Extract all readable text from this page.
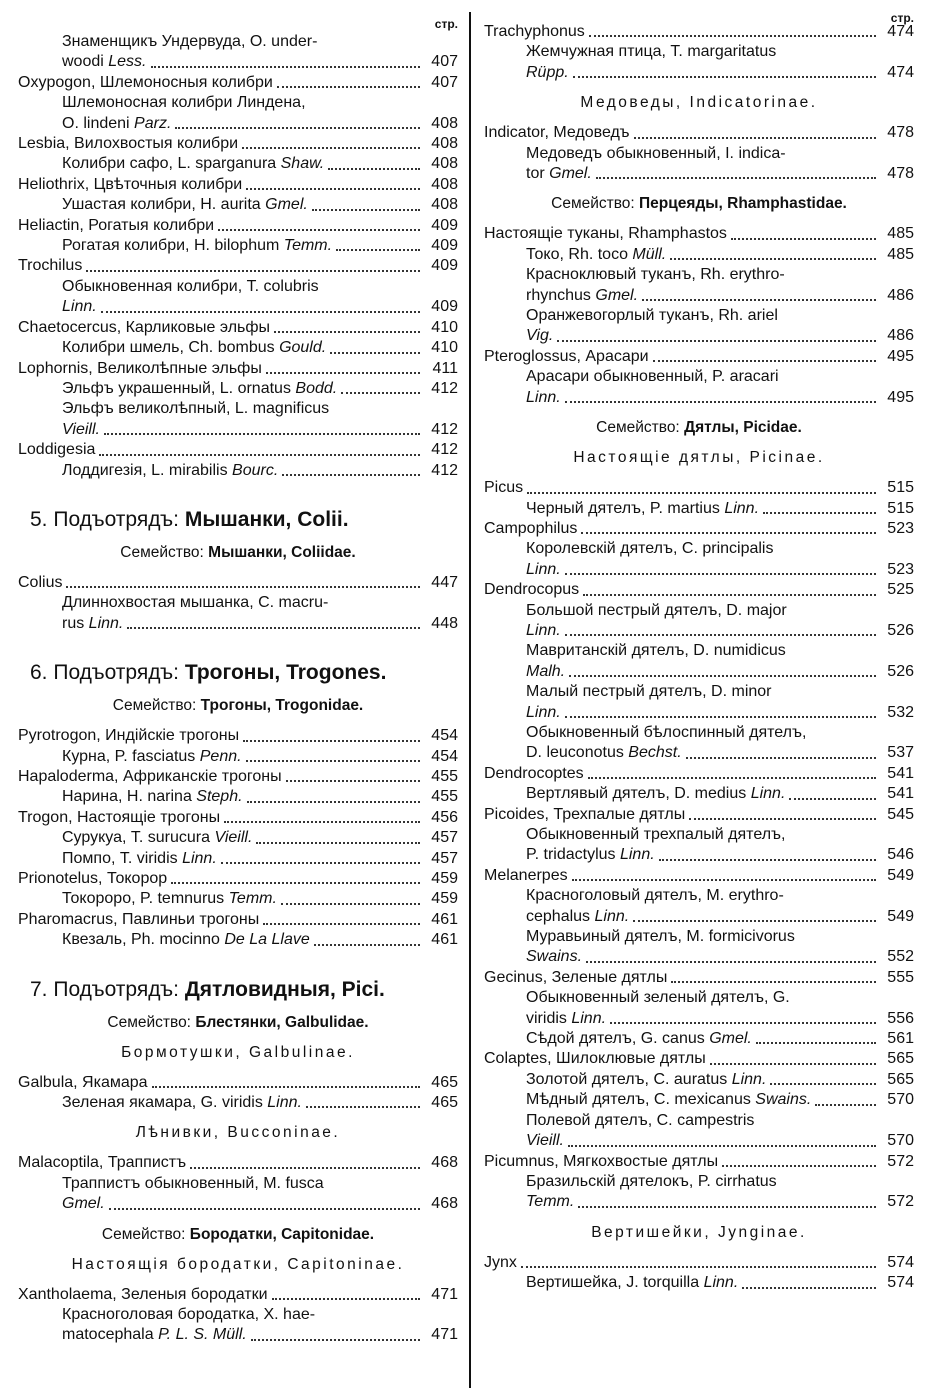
стр.
Знаменщикъ Ундервуда, O. under-
woodi Less.	407
Oxypogon, Шлемоносныя колибри	407
Шлемоносная колибри Линдена,
O. lindeni Parz.	408
Lesbia, Вилохвостыя колибри	408
Колибри сафо, L. sparganura Shaw.	408
Heliothrix, Цвѣточныя колибри	408
Ушастая колибри, H. aurita Gmel.	408
Heliactin, Рогатыя колибри	409
Рогатая колибри, H. bilophum Temm.	409
Trochilus	409
Обыкновенная колибри, T. colubris
Linn.	409
Chaetocercus, Карликовые эльфы	410
Колибри шмель, Ch. bombus Gould.	410
Lophornis, Великолѣпные эльфы	411
Эльфъ украшенный, L. ornatus Bodd.	412
Эльфъ великолѣпный, L. magnificus
Vieill.	412
Loddigesia	412
Лоддигезія, L. mirabilis Bourc.	412
5. Подъотрядъ: Мышанки, Colii.
Семейство: Мышанки, Coliidae.
Colius	447
Длиннохвостая мышанка, C. macru-
rus Linn.	448
6. Подъотрядъ: Трогоны, Trogones.
Семейство: Трогоны, Trogonidae.
Pyrotrogon, Индійскіе трогоны	454
Курна, P. fasciatus Penn.	454
Hapaloderma, Африканскіе трогоны	455
Нарина, H. narina Steph.	455
Trogon, Настоящіе трогоны	456
Сурукуа, T. surucura Vieill.	457
Помпо, T. viridis Linn.	457
Priоnotelus, Токорор	459
Токороро, P. temnurus Temm.	459
Pharomacrus, Павлиньи трогоны	461
Квезаль, Ph. mocinno De La Llave	461
7. Подъотрядъ: Дятловидныя, Pici.
Семейство: Блестянки, Galbulidae.
Бормотушки, Galbulinae.
Galbula, Якамара	465
Зеленая якамара, G. viridis Linn.	465
Лѣнивки, Bucconinae.
Malacoptila, Траппистъ	468
Траппистъ обыкновенный, M. fusca
Gmel.	468
Семейство: Бородатки, Capitonidae.
Настоящія бородатки, Capitoninae.
Xantholaema, Зеленыя бородатки	471
Красноголовая бородатка, X. hae-
matocephala P. L. S. Müll.	471
стр.
Trachyphonus	474
Жемчужная птица, T. margaritatus
Rüpp.	474
Медоведы, Indicatorinae.
Indicator, Медоведъ	478
Медоведъ обыкновенный, I. indica-
tor Gmel.	478
Семейство: Перцеяды, Rhamphastidae.
Настоящіе туканы, Rhamphastos	485
Токо, Rh. toco Müll.	485
Красноклювый туканъ, Rh. erythro-
rhynchus Gmel.	486
Оранжевогорлый туканъ, Rh. ariel
Vig.	486
Pteroglossus, Арасари	495
Арасари обыкновенный, P. aracari
Linn.	495
Семейство: Дятлы, Picidae.
Настоящіе дятлы, Picinae.
Picus	515
Черный дятелъ, P. martius Linn.	515
Campophilus	523
Королевскій дятелъ, C. principalis
Linn.	523
Dendrocopus	525
Большой пестрый дятелъ, D. major
Linn.	526
Мавританскій дятелъ, D. numidicus
Malh.	526
Малый пестрый дятелъ, D. minor
Linn.	532
Обыкновенный бѣлоспинный дятелъ,
D. leuconotus Bechst.	537
Dendrocoptes	541
Вертлявый дятелъ, D. medius Linn.	541
Picoides, Трехпалые дятлы	545
Обыкновенный трехпалый дятелъ,
P. tridactylus Linn.	546
Melanerpes	549
Красноголовый дятелъ, M. erythro-
cephalus Linn.	549
Муравьиный дятелъ, M. formicivorus
Swains.	552
Gecinus, Зеленые дятлы	555
Обыкновенный зеленый дятелъ, G.
viridis Linn.	556
Сѣдой дятелъ, G. canus Gmel.	561
Colaptes, Шилоклювые дятлы	565
Золотой дятелъ, C. auratus Linn.	565
Мѣдный дятелъ, C. mexicanus Swains.	570
Полевой дятелъ, C. campestris
Vieill.	570
Picumnus, Мягкохвостые дятлы	572
Бразильскій дятелокъ, P. cirrhatus
Temm.	572
Вертишейки, Jynginae.
Jynx	574
Вертишейка, J. torquilla Linn.	574
